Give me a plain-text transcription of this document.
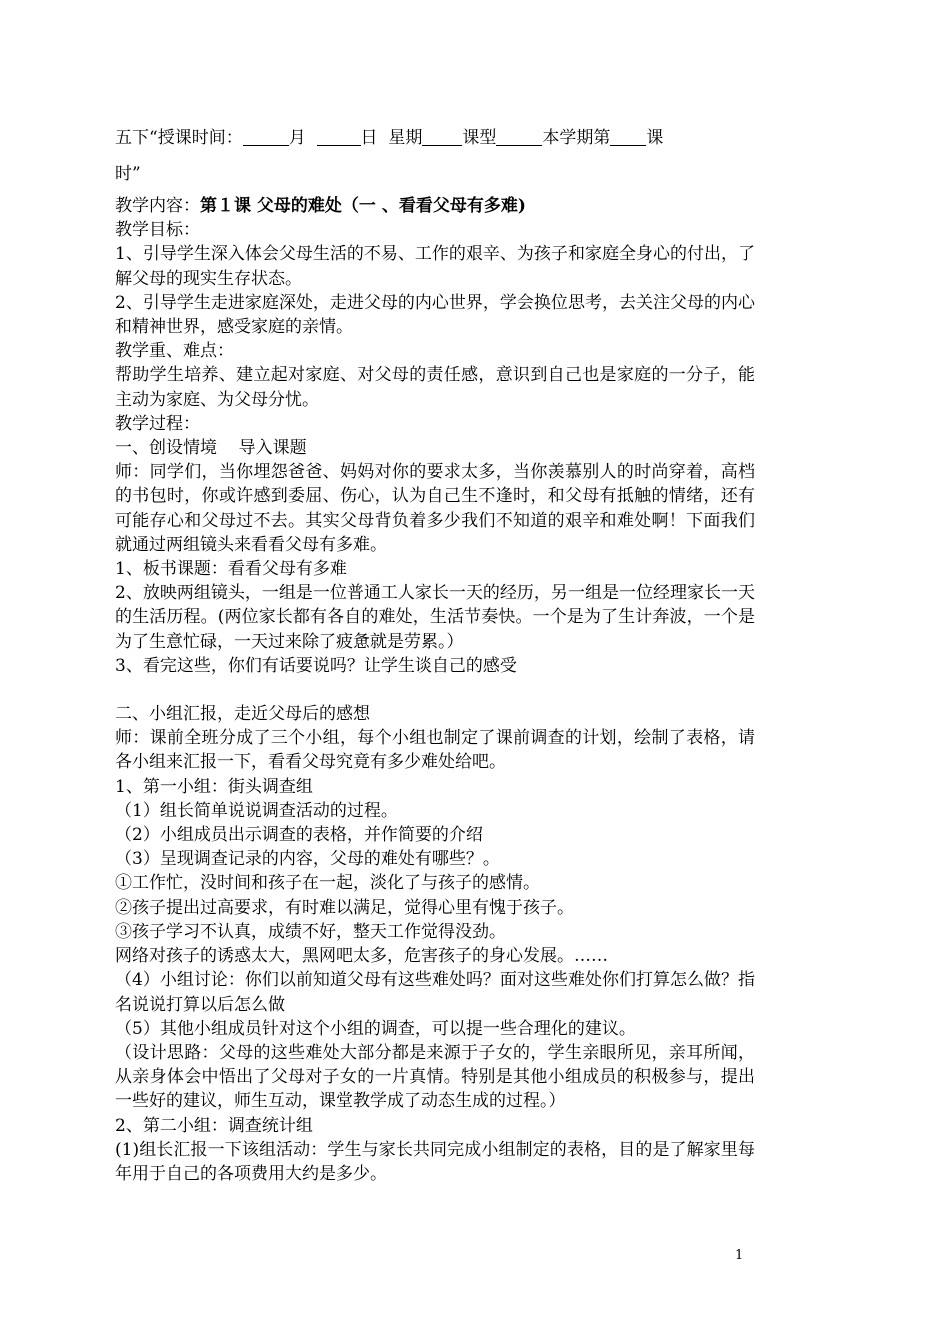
五下“授课时间：	月	日 星期 课型	本学期第 课
时”

教学内容：第１课 父母的难处（一 、看看父母有多难)

教学目标：

1、引导学生深入体会父母生活的不易、工作的艰辛、为孩子和家庭全身心的付出，了解父母的现实生存状态。

2、引导学生走进家庭深处，走进父母的内心世界，学会换位思考，去关注父母的内心和精神世界，感受家庭的亲情。

教学重、难点：

帮助学生培养、建立起对家庭、对父母的责任感，意识到自己也是家庭的一分子，能主动为家庭、为父母分忧。

教学过程：

一、创设情境    导入课题

师：同学们，当你埋怨爸爸、妈妈对你的要求太多，当你羡慕别人的时尚穿着，高档的书包时，你或许感到委屈、伤心，认为自己生不逢时，和父母有抵触的情绪，还有可能存心和父母过不去。其实父母背负着多少我们不知道的艰辛和难处啊！下面我们就通过两组镜头来看看父母有多难。

1、板书课题：看看父母有多难

2、放映两组镜头，一组是一位普通工人家长一天的经历，另一组是一位经理家长一天的生活历程。(两位家长都有各自的难处，生活节奏快。一个是为了生计奔波，一个是为了生意忙碌，一天过来除了疲惫就是劳累。）

3、看完这些，你们有话要说吗？让学生谈自己的感受

二、小组汇报，走近父母后的感想

师：课前全班分成了三个小组，每个小组也制定了课前调查的计划，绘制了表格，请各小组来汇报一下，看看父母究竟有多少难处给吧。

1、第一小组：街头调查组

（1）组长简单说说调查活动的过程。

（2）小组成员出示调查的表格，并作简要的介绍

（3）呈现调查记录的内容，父母的难处有哪些？。

①工作忙，没时间和孩子在一起，淡化了与孩子的感情。

②孩子提出过高要求，有时难以满足，觉得心里有愧于孩子。

③孩子学习不认真，成绩不好，整天工作觉得没劲。

网络对孩子的诱惑太大，黑网吧太多，危害孩子的身心发展。……

（4）小组讨论：你们以前知道父母有这些难处吗？面对这些难处你们打算怎么做？指名说说打算以后怎么做

（5）其他小组成员针对这个小组的调查，可以提一些合理化的建议。

（设计思路：父母的这些难处大部分都是来源于子女的，学生亲眼所见，亲耳所闻，从亲身体会中悟出了父母对子女的一片真情。特别是其他小组成员的积极参与，提出一些好的建议，师生互动，课堂教学成了动态生成的过程。）

2、第二小组：调查统计组

(1)组长汇报一下该组活动：学生与家长共同完成小组制定的表格，目的是了解家里每年用于自己的各项费用大约是多少。

1
